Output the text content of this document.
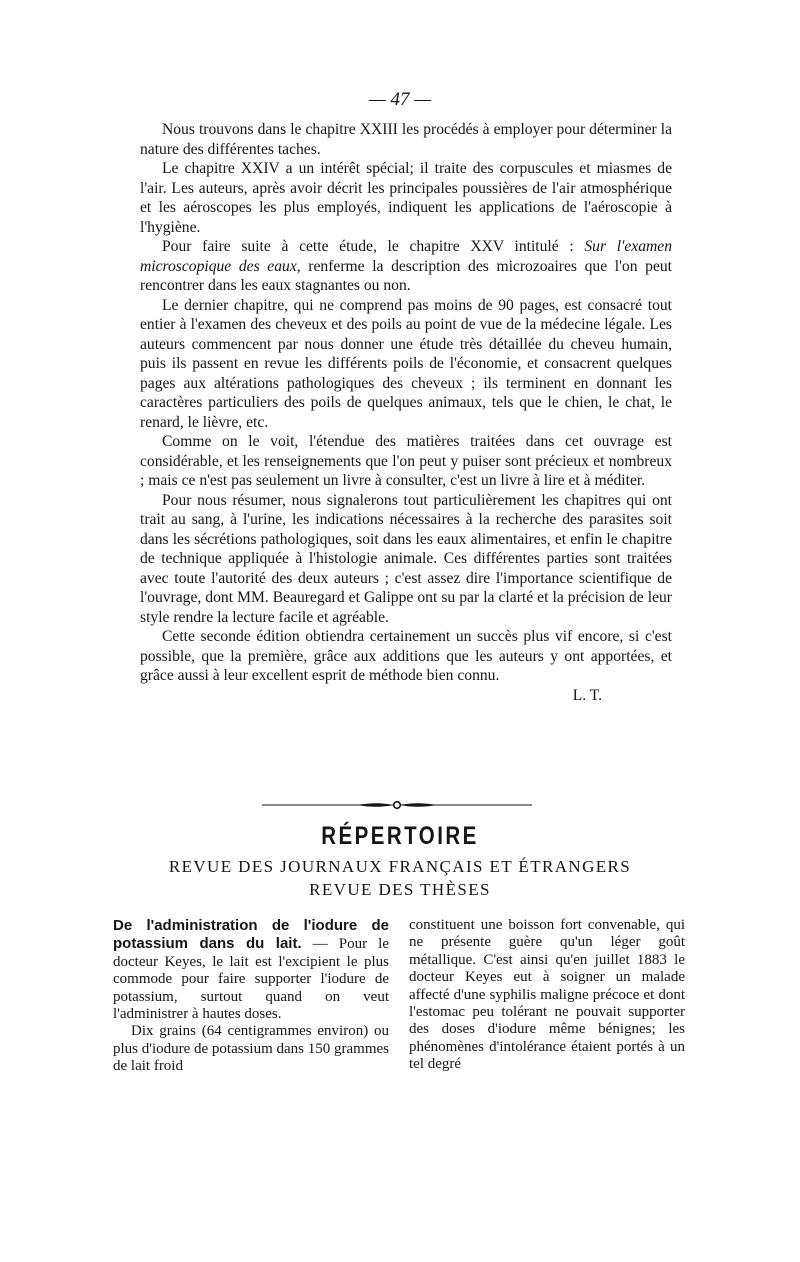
— 47 —

Nous trouvons dans le chapitre XXIII les procédés à employer pour déterminer la nature des différentes taches.

Le chapitre XXIV a un intérêt spécial; il traite des corpuscules et miasmes de l'air. Les auteurs, après avoir décrit les principales poussières de l'air atmosphérique et les aéroscopes les plus employés, indiquent les applications de l'aéroscopie à l'hygiène.

Pour faire suite à cette étude, le chapitre XXV intitulé : Sur l'examen microscopique des eaux, renferme la description des microzoaires que l'on peut rencontrer dans les eaux stagnantes ou non.

Le dernier chapitre, qui ne comprend pas moins de 90 pages, est consacré tout entier à l'examen des cheveux et des poils au point de vue de la médecine légale. Les auteurs commencent par nous donner une étude très détaillée du cheveu humain, puis ils passent en revue les différents poils de l'économie, et consacrent quelques pages aux altérations pathologiques des cheveux ; ils terminent en donnant les caractères particuliers des poils de quelques animaux, tels que le chien, le chat, le renard, le lièvre, etc.

Comme on le voit, l'étendue des matières traitées dans cet ouvrage est considérable, et les renseignements que l'on peut y puiser sont précieux et nombreux ; mais ce n'est pas seulement un livre à consulter, c'est un livre à lire et à méditer.

Pour nous résumer, nous signalerons tout particulièrement les chapitres qui ont trait au sang, à l'urine, les indications nécessaires à la recherche des parasites soit dans les sécrétions pathologiques, soit dans les eaux alimentaires, et enfin le chapitre de technique appliquée à l'histologie animale. Ces différentes parties sont traitées avec toute l'autorité des deux auteurs ; c'est assez dire l'importance scientifique de l'ouvrage, dont MM. Beauregard et Galippe ont su par la clarté et la précision de leur style rendre la lecture facile et agréable.

Cette seconde édition obtiendra certainement un succès plus vif encore, si c'est possible, que la première, grâce aux additions que les auteurs y ont apportées, et grâce aussi à leur excellent esprit de méthode bien connu.

L. T.

RÉPERTOIRE
REVUE DES JOURNAUX FRANÇAIS ET ÉTRANGERS
REVUE DES THÈSES

De l'administration de l'iodure de potassium dans du lait. — Pour le docteur Keyes, le lait est l'excipient le plus commode pour faire supporter l'iodure de potassium, surtout quand on veut l'administrer à hautes doses.

Dix grains (64 centigrammes environ) ou plus d'iodure de potassium dans 150 grammes de lait froid

constituent une boisson fort convenable, qui ne présente guère qu'un léger goût métallique. C'est ainsi qu'en juillet 1883 le docteur Keyes eut à soigner un malade affecté d'une syphilis maligne précoce et dont l'estomac peu tolérant ne pouvait supporter des doses d'iodure même bénignes; les phénomènes d'intolérance étaient portés à un tel degré
